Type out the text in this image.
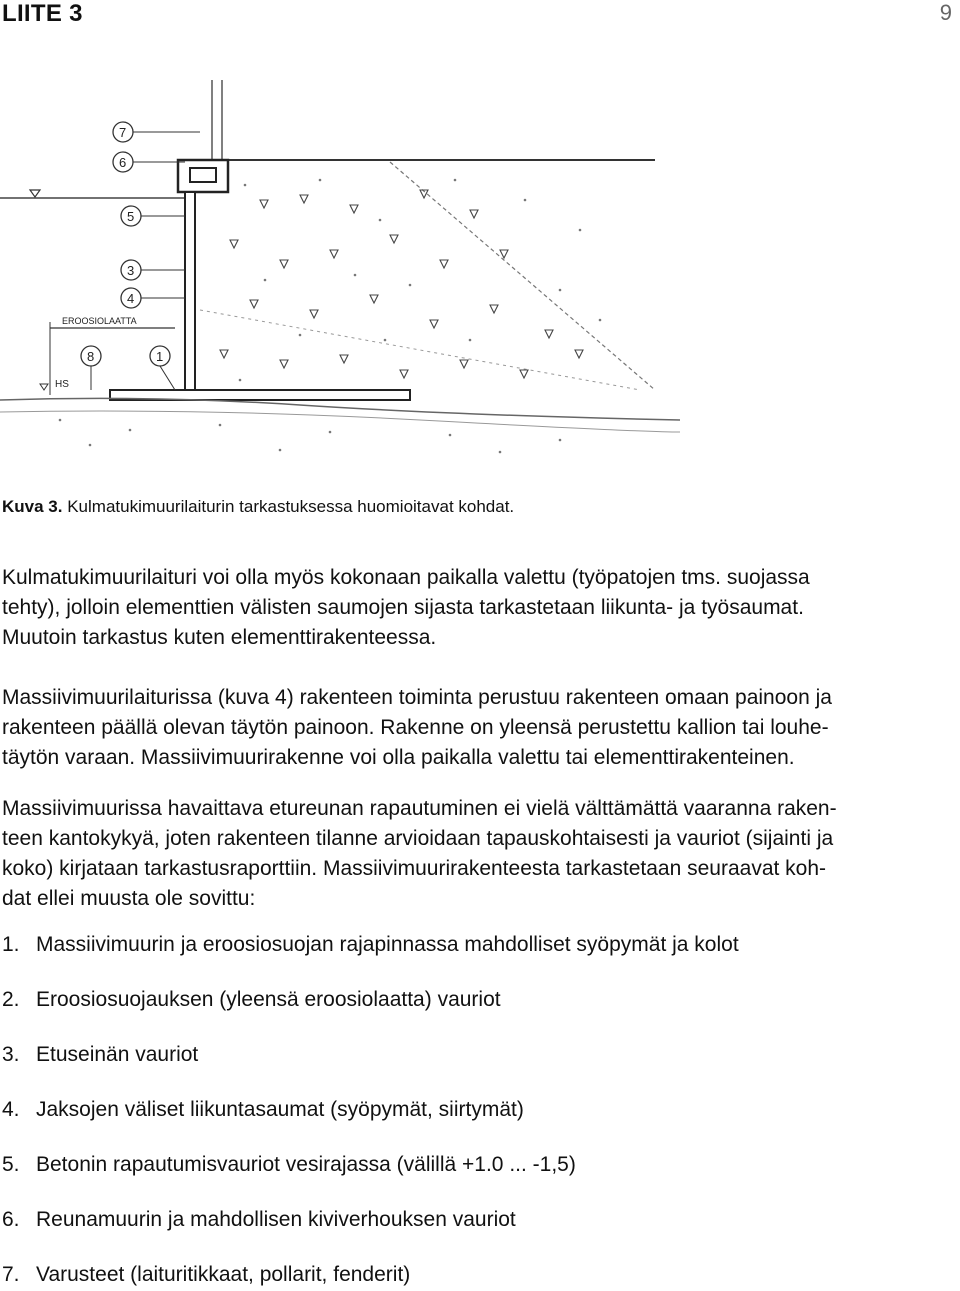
LIITE 3	9
EROOSIOLAATTA
HS
7
6
5
3
4
8	1
Kuva 3. Kulmatukimuurilaiturin tarkastuksessa huomioitavat kohdat.
Kulmatukimuurilaituri voi olla myös kokonaan paikalla valettu (työpatojen tms. suojassa
tehty), jolloin elementtien välisten saumojen sijasta tarkastetaan liikunta- ja työsaumat.
Muutoin tarkastus kuten elementtirakenteessa.
Massiivimuurilaiturissa (kuva 4) rakenteen toiminta perustuu rakenteen omaan painoon ja
rakenteen päällä olevan täytön painoon. Rakenne on yleensä perustettu kallion tai louhe-
täytön varaan. Massiivimuurirakenne voi olla paikalla valettu tai elementtirakenteinen.
Massiivimuurissa havaittava etureunan rapautuminen ei vielä välttämättä vaaranna raken-
teen kantokykyä, joten rakenteen tilanne arvioidaan tapauskohtaisesti ja vauriot (sijainti ja
koko) kirjataan tarkastusraporttiin. Massiivimuurirakenteesta tarkastetaan seuraavat koh-
dat ellei muusta ole sovittu:
1. Massiivimuurin ja eroosiosuojan rajapinnassa mahdolliset syöpymät ja kolot
2. Eroosiosuojauksen (yleensä eroosiolaatta) vauriot
3. Etuseinän vauriot
4. Jaksojen väliset liikuntasaumat (syöpymät, siirtymät)
5. Betonin rapautumisvauriot vesirajassa (välillä +1.0 ... -1,5)
6. Reunamuurin ja mahdollisen kiviverhouksen vauriot
7. Varusteet (laituritikkaat, pollarit, fenderit)
